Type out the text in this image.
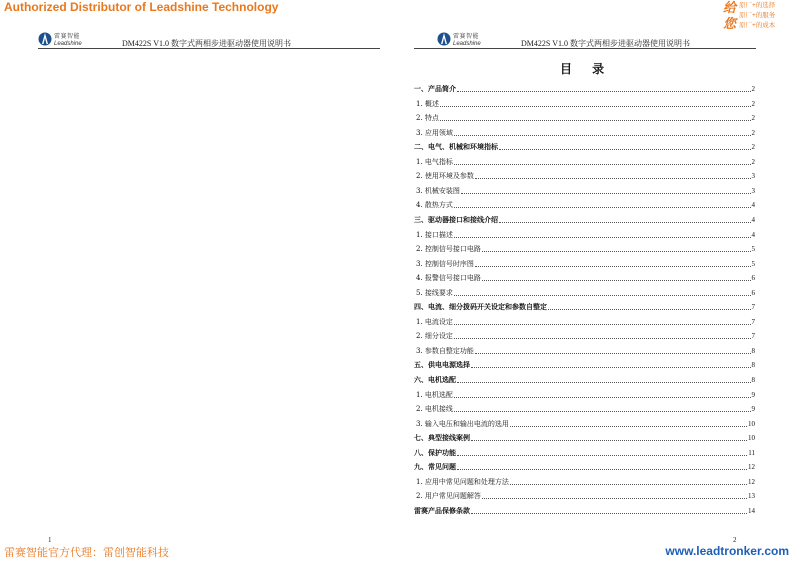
Authorized Distributor of Leadshine Technology	给
您
原厂+的选择
原厂+的服务
原厂+的成本
雷赛智能
Leadshine	DM422S V1.0 数字式两相步进驱动器使用说明书
雷赛智能
Leadshine	DM422S V1.0 数字式两相步进驱动器使用说明书
目 录
一、产品简介	2
1. 概述	2
2. 特点	2
3. 应用领域	2
二、电气、机械和环境指标	2
1. 电气指标	2
2. 使用环境及参数	3
3. 机械安装图	3
4. 散热方式	4
三、驱动器接口和接线介绍	4
1. 接口描述	4
2. 控制信号接口电路	5
3. 控制信号时序图	5
4. 报警信号接口电路	6
5. 接线要求	6
四、电流、细分拨码开关设定和参数自整定	7
1. 电流设定	7
2. 细分设定	7
3. 参数自整定功能	8
五、供电电源选择	8
六、电机选配	8
1. 电机选配	9
2. 电机接线	9
3. 输入电压和输出电流的选用	10
七、典型接线案例	10
八、保护功能	11
九、常见问题	12
1. 应用中常见问题和处理方法	12
2. 用户常见问题解答	13
雷赛产品保修条款	14
1	2
雷赛智能官方代理：雷创智能科技	www.leadtronker.com
